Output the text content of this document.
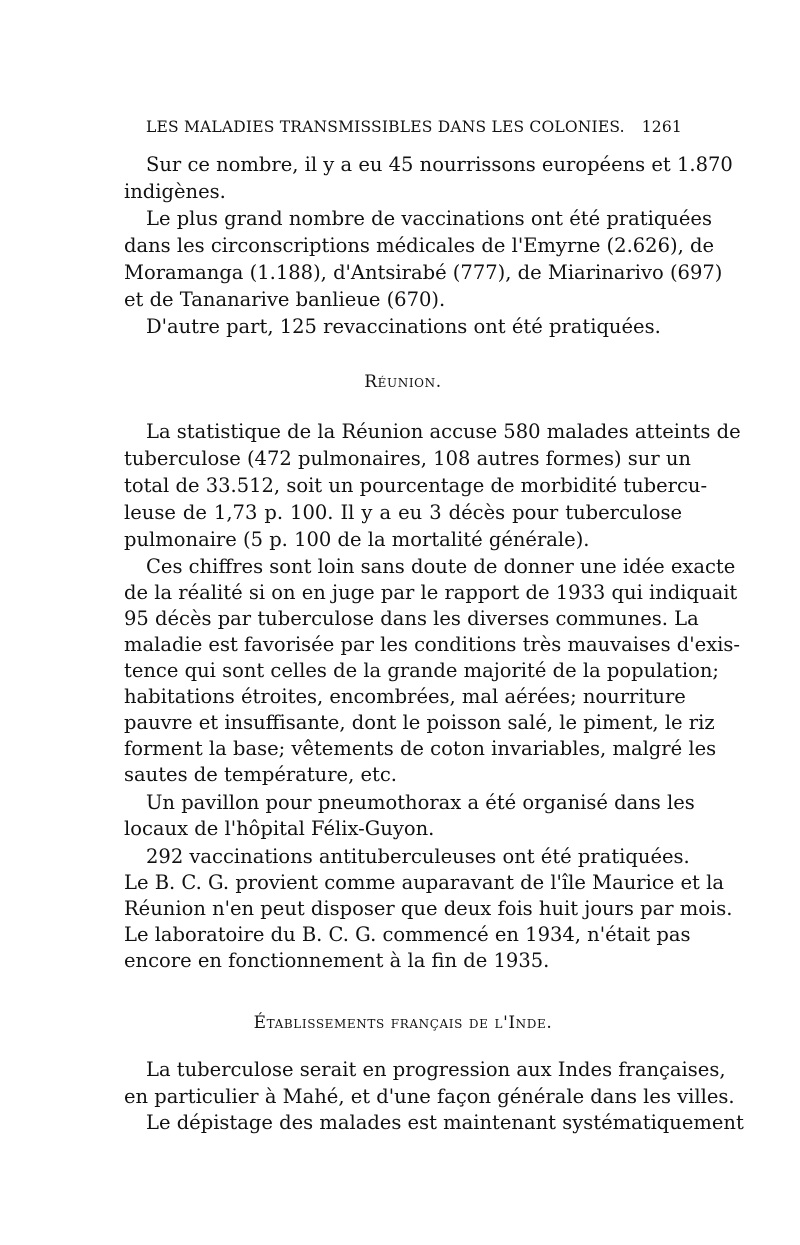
LES MALADIES TRANSMISSIBLES DANS LES COLONIES. 1261
Sur ce nombre, il y a eu 45 nourrissons européens et 1.870
indigènes.
Le plus grand nombre de vaccinations ont été pratiquées
dans les circonscriptions médicales de l'Emyrne (2.626), de
Moramanga (1.188), d'Antsirabé (777), de Miarinarivo (697)
et de Tananarive banlieue (670).
D'autre part, 125 revaccinations ont été pratiquées.
Réunion.
La statistique de la Réunion accuse 580 malades atteints de
tuberculose (472 pulmonaires, 108 autres formes) sur un
total de 33.512, soit un pourcentage de morbidité tubercu-
leuse de 1,73 p. 100. Il y a eu 3 décès pour tuberculose
pulmonaire (5 p. 100 de la mortalité générale).
Ces chiffres sont loin sans doute de donner une idée exacte
de la réalité si on en juge par le rapport de 1933 qui indiquait
95 décès par tuberculose dans les diverses communes. La
maladie est favorisée par les conditions très mauvaises d'exis-
tence qui sont celles de la grande majorité de la population;
habitations étroites, encombrées, mal aérées; nourriture
pauvre et insuffisante, dont le poisson salé, le piment, le riz
forment la base; vêtements de coton invariables, malgré les
sautes de température, etc.
Un pavillon pour pneumothorax a été organisé dans les
locaux de l'hôpital Félix-Guyon.
292 vaccinations antituberculeuses ont été pratiquées.
Le B. C. G. provient comme auparavant de l'île Maurice et la
Réunion n'en peut disposer que deux fois huit jours par mois.
Le laboratoire du B. C. G. commencé en 1934, n'était pas
encore en fonctionnement à la fin de 1935.
Établissements français de l'Inde.
La tuberculose serait en progression aux Indes françaises,
en particulier à Mahé, et d'une façon générale dans les villes.
Le dépistage des malades est maintenant systématiquement
